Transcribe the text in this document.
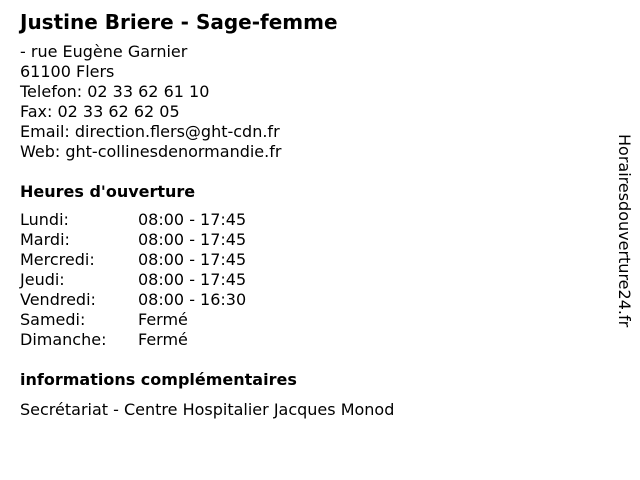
Justine Briere - Sage-femme
- rue Eugène Garnier
61100 Flers
Telefon: 02 33 62 61 10
Fax: 02 33 62 62 05
Email: direction.flers@ght-cdn.fr
Web: ght-collinesdenormandie.fr
Heures d'ouverture
Lundi:	08:00 - 17:45
Mardi:	08:00 - 17:45
Mercredi:	08:00 - 17:45
Jeudi:	08:00 - 17:45
Vendredi:	08:00 - 16:30
Samedi:	Fermé
Dimanche:	Fermé
informations complémentaires
Secrétariat - Centre Hospitalier Jacques Monod
Horairesdouverture24.fr
